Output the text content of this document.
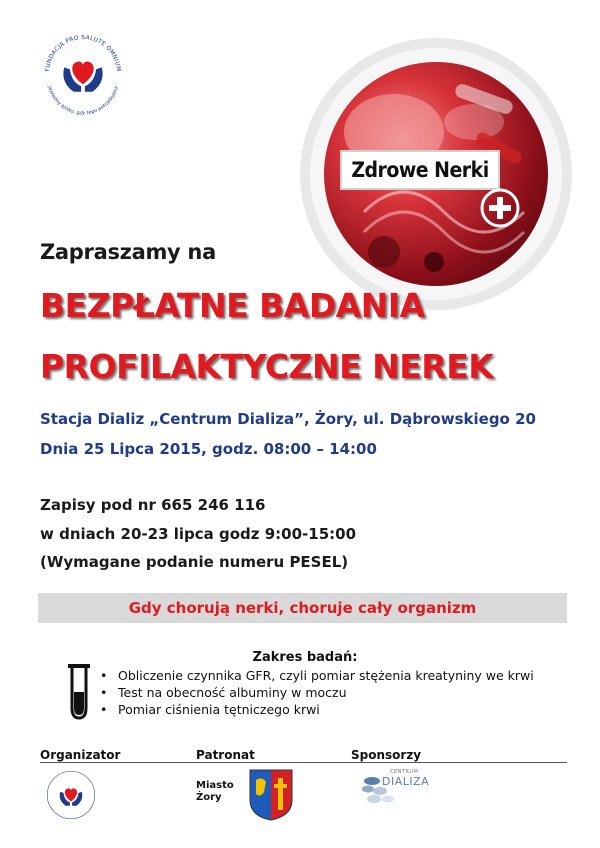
FUNDACJA PRO SALUTE OMNIUM
Jesteśmy blisko, gdy tego potrzebujesz
Zdrowe Nerki
Zapraszamy na
BEZPŁATNE BADANIA
PROFILAKTYCZNE NEREK
Stacja Dializ „Centrum Dializa”, Żory, ul. Dąbrowskiego 20
Dnia 25 Lipca 2015, godz. 08:00 – 14:00
Zapisy pod nr 665 246 116
w dniach 20-23 lipca godz 9:00-15:00
(Wymagane podanie numeru PESEL)
Gdy chorują nerki, choruje cały organizm
Zakres badań:
• Obliczenie czynnika GFR, czyli pomiar stężenia kreatyniny we krwi
• Test na obecność albuminy w moczu
• Pomiar ciśnienia tętniczego krwi
Organizator	Patronat	Sponsorzy
Miasto
Żory
CENTRUM
DIALIZA
